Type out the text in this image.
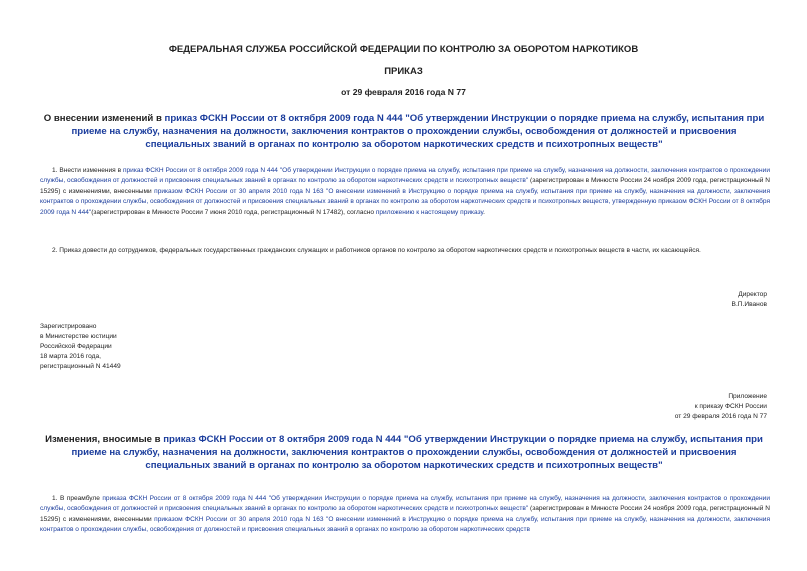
ФЕДЕРАЛЬНАЯ СЛУЖБА РОССИЙСКОЙ ФЕДЕРАЦИИ ПО КОНТРОЛЮ ЗА ОБОРОТОМ НАРКОТИКОВ
ПРИКАЗ
от 29 февраля 2016 года N 77
О внесении изменений в приказ ФСКН России от 8 октября 2009 года N 444 "Об утверждении Инструкции о порядке приема на службу, испытания при приеме на службу, назначения на должности, заключения контрактов о прохождении службы, освобождения от должностей и присвоения специальных званий в органах по контролю за оборотом наркотических средств и психотропных веществ"
1. Внести изменения в приказ ФСКН России от 8 октября 2009 года N 444 "Об утверждении Инструкции о порядке приема на службу, испытания при приеме на службу, назначения на должности, заключения контрактов о прохождении службы, освобождения от должностей и присвоения специальных званий в органах по контролю за оборотом наркотических средств и психотропных веществ" (зарегистрирован в Минюсте России 24 ноября 2009 года, регистрационный N 15295) с изменениями, внесенными приказом ФСКН России от 30 апреля 2010 года N 163 "О внесении изменений в Инструкцию о порядке приема на службу, испытания при приеме на службу, назначения на должности, заключения контрактов о прохождении службы, освобождения от должностей и присвоения специальных званий в органах по контролю за оборотом наркотических средств и психотропных веществ, утвержденную приказом ФСКН России от 8 октября 2009 года N 444"(зарегистрирован в Минюсте России 7 июня 2010 года, регистрационный N 17482), согласно приложению к настоящему приказу.
2. Приказ довести до сотрудников, федеральных государственных гражданских служащих и работников органов по контролю за оборотом наркотических средств и психотропных веществ в части, их касающейся.
Директор
В.П.Иванов
Зарегистрировано
в Министерстве юстиции
Российской Федерации
18 марта 2016 года,
регистрационный N 41449
Приложение
к приказу ФСКН России
от 29 февраля 2016 года N 77
Изменения, вносимые в приказ ФСКН России от 8 октября 2009 года N 444 "Об утверждении Инструкции о порядке приема на службу, испытания при приеме на службу, назначения на должности, заключения контрактов о прохождении службы, освобождения от должностей и присвоения специальных званий в органах по контролю за оборотом наркотических средств и психотропных веществ"
1. В преамбуле приказа ФСКН России от 8 октября 2009 года N 444 "Об утверждении Инструкции о порядке приема на службу, испытания при приеме на службу, назначения на должности, заключения контрактов о прохождении службы, освобождения от должностей и присвоения специальных званий в органах по контролю за оборотом наркотических средств и психотропных веществ" (зарегистрирован в Минюсте России 24 ноября 2009 года, регистрационный N 15295) с изменениями, внесенными приказом ФСКН России от 30 апреля 2010 года N 163 "О внесении изменений в Инструкцию о порядке приема на службу, испытания при приеме на службу, назначения на должности, заключения контрактов о прохождении службы, освобождения от должностей и присвоения специальных званий в органах по контролю за оборотом наркотических средств
